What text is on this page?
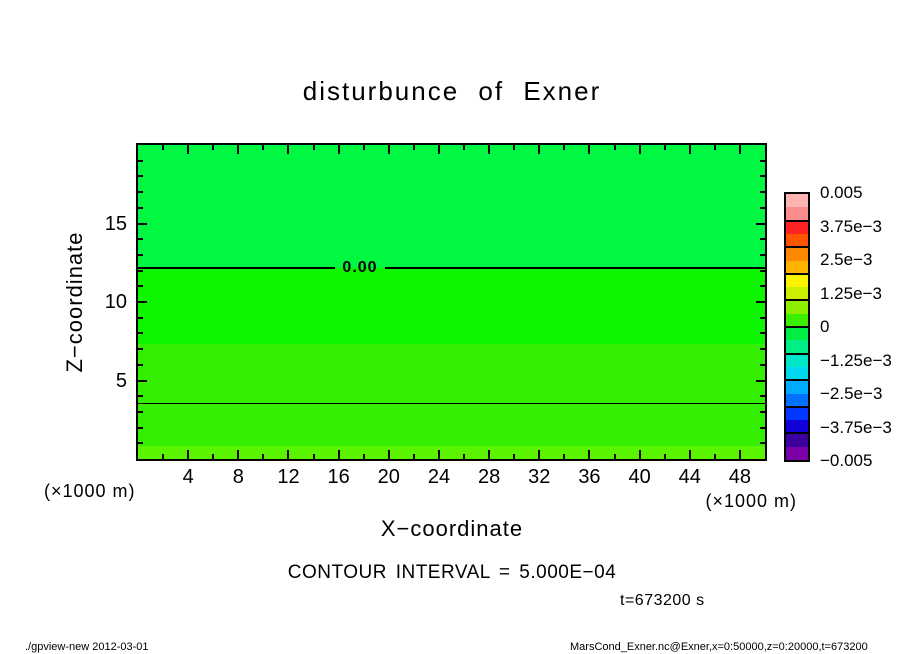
disturbunce of Exner
Z−coordinate
(×1000 m)
0.00
(×1000 m)
X−coordinate
CONTOUR INTERVAL = 5.000E−04
t=673200 s
./gpview-new 2012-03-01	MarsCond_Exner.nc@Exner,x=0:50000,z=0:20000,t=673200
4	8	12	16	20	24	28	32	36	40	44	48
5
10
15
0.005
3.75e−3
2.5e−3
1.25e−3
0
−1.25e−3
−2.5e−3
−3.75e−3
−0.005
